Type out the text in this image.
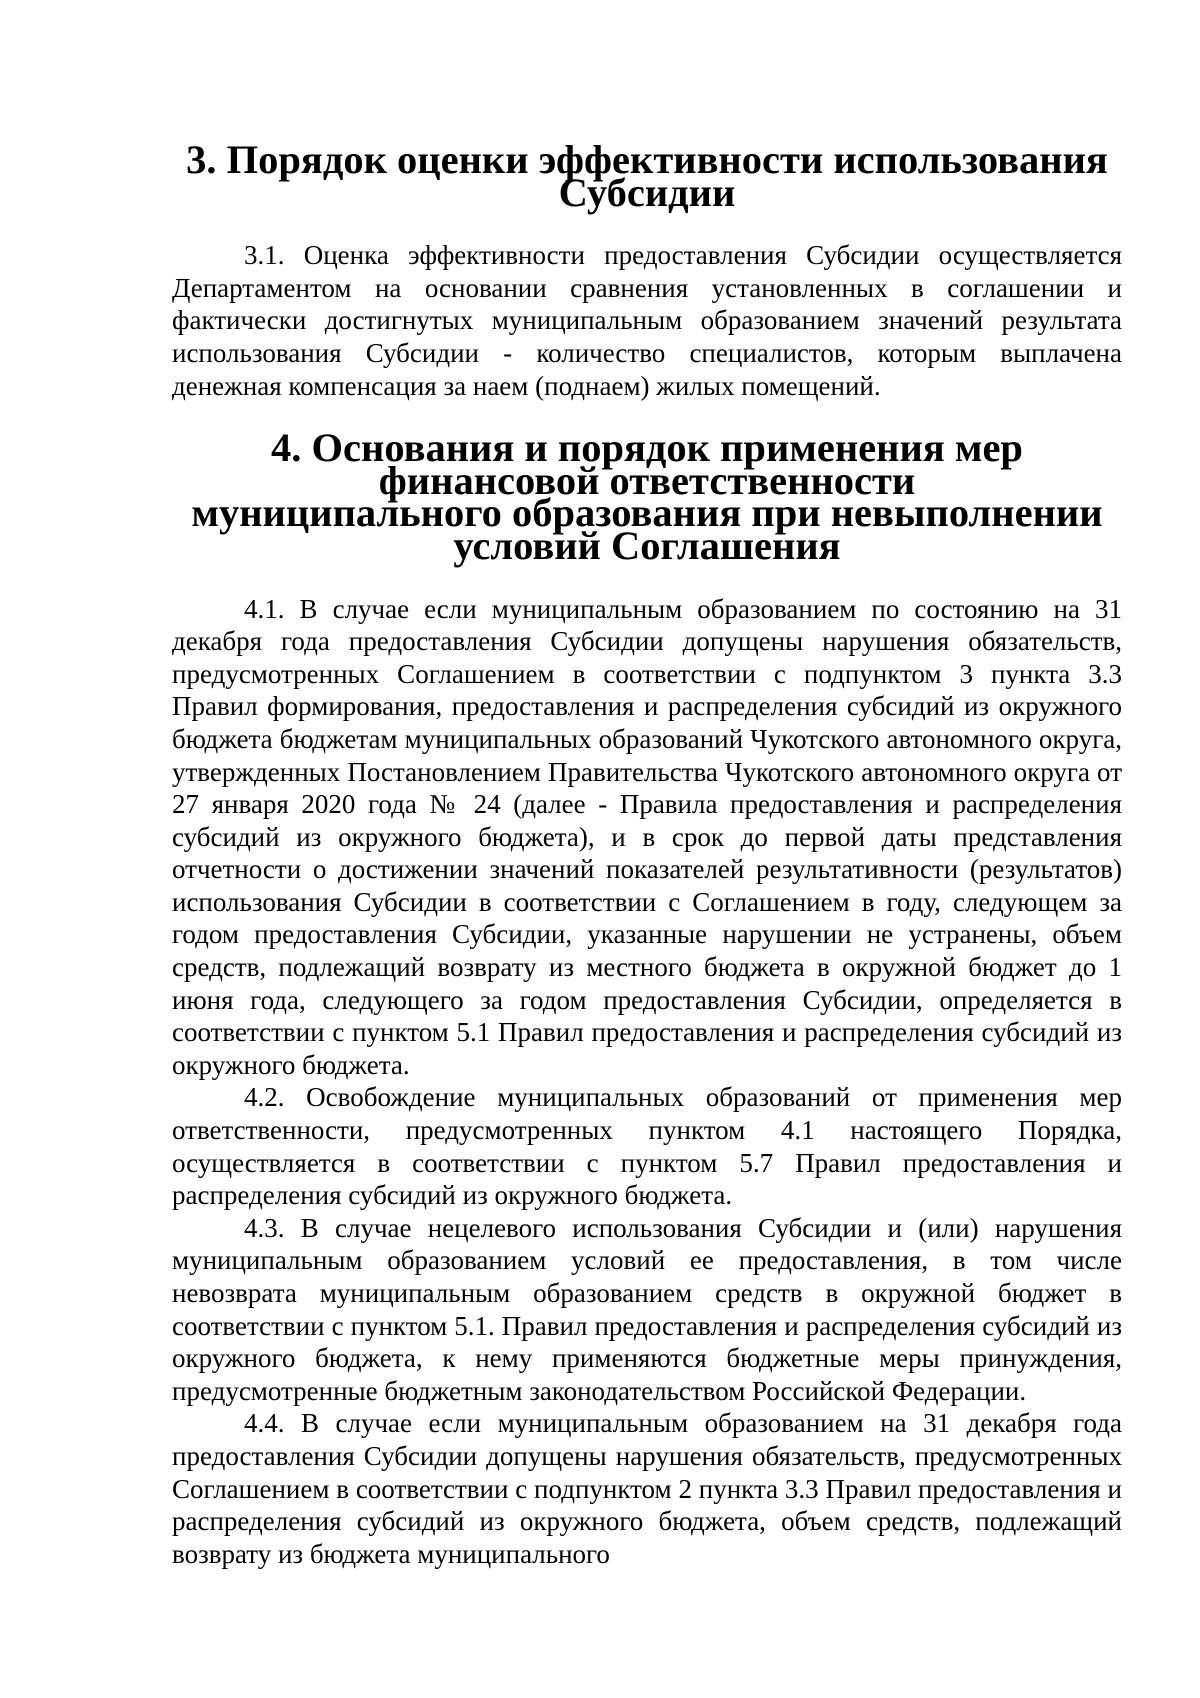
3. Порядок оценки эффективности использования Субсидии

3.1. Оценка эффективности предоставления Субсидии осуществляется Департаментом на основании сравнения установленных в соглашении и фактически достигнутых муниципальным образованием значений результата использования Субсидии - количество специалистов, которым выплачена денежная компенсация за наем (поднаем) жилых помещений.

4. Основания и порядок применения мер финансовой ответственности
муниципального образования при невыполнении
условий Соглашения

4.1. В случае если муниципальным образованием по состоянию на 31 декабря года предоставления Субсидии допущены нарушения обязательств, предусмотренных Соглашением в соответствии с подпунктом 3 пункта 3.3 Правил формирования, предоставления и распределения субсидий из окружного бюджета бюджетам муниципальных образований Чукотского автономного округа, утвержденных Постановлением Правительства Чукотского автономного округа от 27 января 2020 года № 24 (далее - Правила предоставления и распределения субсидий из окружного бюджета), и в срок до первой даты представления отчетности о достижении значений показателей результативности (результатов) использования Субсидии в соответствии с Соглашением в году, следующем за годом предоставления Субсидии, указанные нарушении не устранены, объем средств, подлежащий возврату из местного бюджета в окружной бюджет до 1 июня года, следующего за годом предоставления Субсидии, определяется в соответствии с пунктом 5.1 Правил предоставления и распределения субсидий из окружного бюджета.

4.2. Освобождение муниципальных образований от применения мер ответственности, предусмотренных пунктом 4.1 настоящего Порядка, осуществляется в соответствии с пунктом 5.7 Правил предоставления и распределения субсидий из окружного бюджета.

4.3. В случае нецелевого использования Субсидии и (или) нарушения муниципальным образованием условий ее предоставления, в том числе невозврата муниципальным образованием средств в окружной бюджет в соответствии с пунктом 5.1. Правил предоставления и распределения субсидий из окружного бюджета, к нему применяются бюджетные меры принуждения, предусмотренные бюджетным законодательством Российской Федерации.

4.4. В случае если муниципальным образованием на 31 декабря года предоставления Субсидии допущены нарушения обязательств, предусмотренных Соглашением в соответствии с подпунктом 2 пункта 3.3 Правил предоставления и распределения субсидий из окружного бюджета, объем средств, подлежащий возврату из бюджета муниципального
